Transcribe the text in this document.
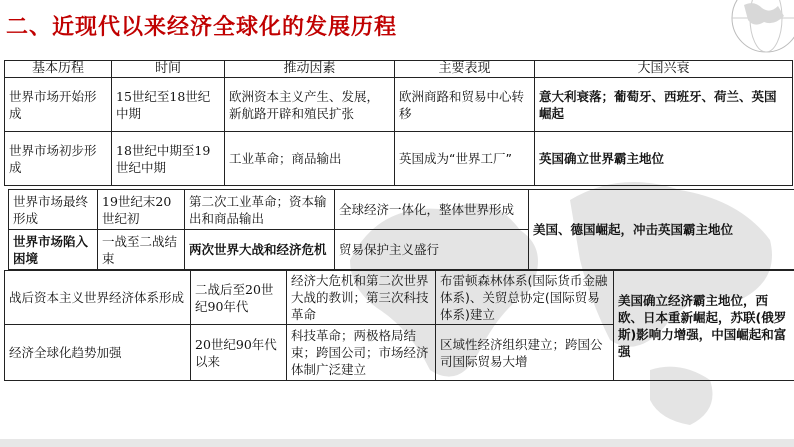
二、近现代以来经济全球化的发展历程
基本历程	时间	推动因素	主要表现	大国兴衰
世界市场开始形成	15世纪至18世纪中期	欧洲资本主义产生、发展，新航路开辟和殖民扩张	欧洲商路和贸易中心转移	意大利衰落；葡萄牙、西班牙、荷兰、英国崛起
世界市场初步形成	18世纪中期至19世纪中期	工业革命；商品输出	英国成为“世界工厂”	英国确立世界霸主地位
世界市场最终形成	19世纪末20世纪初	第二次工业革命；资本输出和商品输出	全球经济一体化，整体世界形成	美国、德国崛起，冲击英国霸主地位
世界市场陷入困境	一战至二战结束	两次世界大战和经济危机	贸易保护主义盛行	
战后资本主义世界经济体系形成	二战后至20世纪90年代	经济大危机和第二次世界大战的教训；第三次科技革命	布雷顿森林体系(国际货币金融体系)、关贸总协定(国际贸易体系)建立	美国确立经济霸主地位，西欧、日本重新崛起，苏联(俄罗斯)影响力增强，中国崛起和富强
经济全球化趋势加强	20世纪90年代以来	科技革命；两极格局结束；跨国公司；市场经济体制广泛建立	区域性经济组织建立；跨国公司国际贸易大增	
